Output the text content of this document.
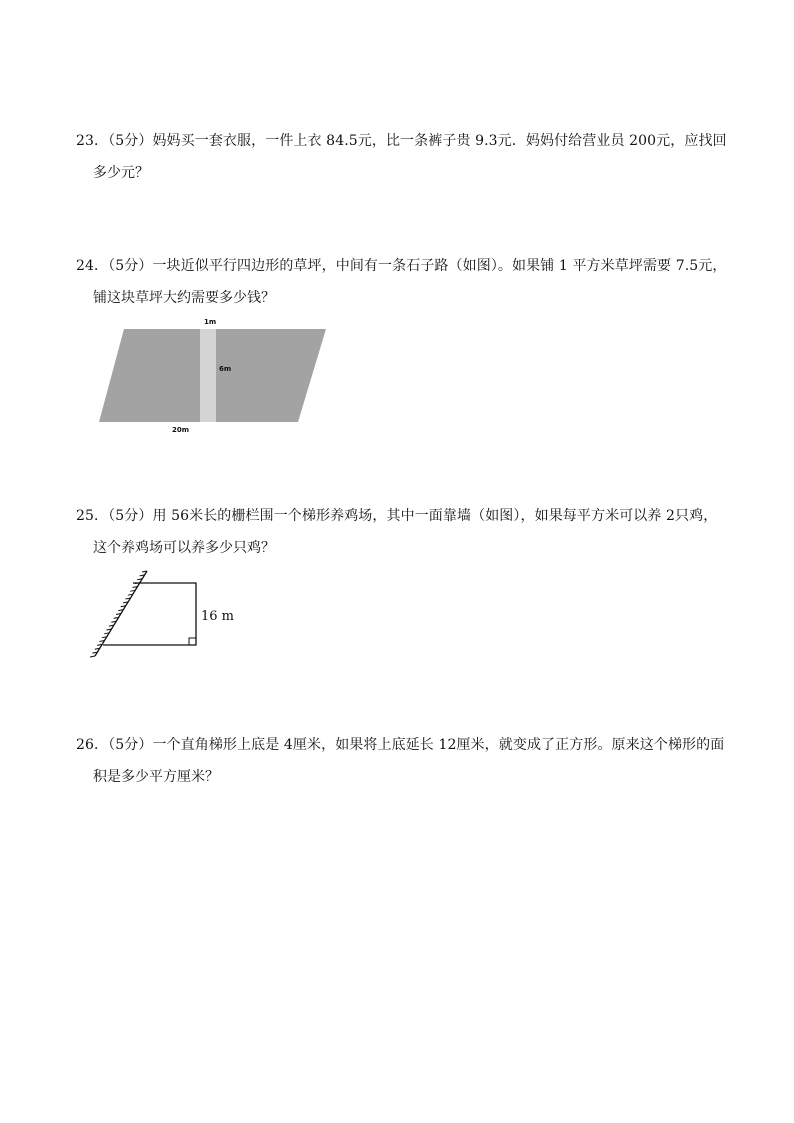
23．（5分）妈妈买一套衣服，一件上衣 84.5元，比一条裤子贵 9.3元．妈妈付给营业员 200元，应找回
多少元？
24．（5分）一块近似平行四边形的草坪，中间有一条石子路（如图）。如果铺 1 平方米草坪需要 7.5元，
铺这块草坪大约需要多少钱？
1m
6m
20m
25．（5分）用 56米长的栅栏围一个梯形养鸡场，其中一面靠墙（如图），如果每平方米可以养 2只鸡，
这个养鸡场可以养多少只鸡？
16 m
26．（5分）一个直角梯形上底是 4厘米，如果将上底延长 12厘米，就变成了正方形。原来这个梯形的面
积是多少平方厘米？
